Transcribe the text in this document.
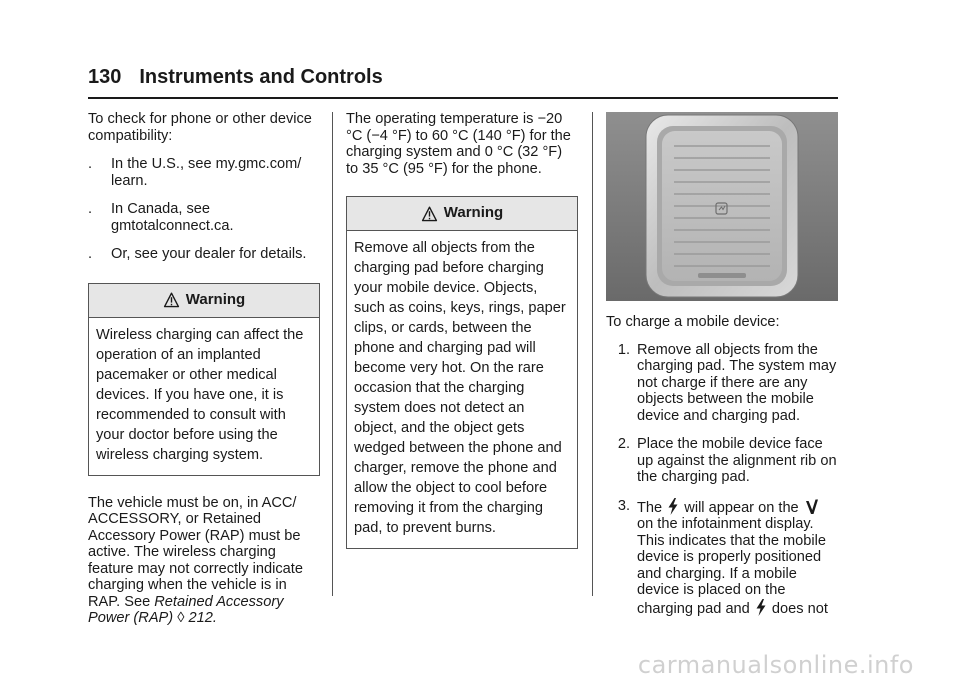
130 Instruments and Controls

To check for phone or other device compatibility:

. In the U.S., see my.gmc.com/ learn.
. In Canada, see gmtotalconnect.ca.
. Or, see your dealer for details.
Warning
Wireless charging can affect the operation of an implanted pacemaker or other medical devices. If you have one, it is recommended to consult with your doctor before using the wireless charging system.

The vehicle must be on, in ACC/ ACCESSORY, or Retained Accessory Power (RAP) must be active. The wireless charging feature may not correctly indicate charging when the vehicle is in RAP. See Retained Accessory Power (RAP) ◊ 212.

The operating temperature is −20 °C (−4 °F) to 60 °C (140 °F) for the charging system and 0 °C (32 °F) to 35 °C (95 °F) for the phone.

Warning
Remove all objects from the charging pad before charging your mobile device. Objects, such as coins, keys, rings, paper clips, or cards, between the phone and charging pad will become very hot. On the rare occasion that the charging system does not detect an object, and the object gets wedged between the phone and charger, remove the phone and allow the object to cool before removing it from the charging pad, to prevent burns.

To charge a mobile device:

1. Remove all objects from the charging pad. The system may not charge if there are any objects between the mobile device and charging pad.
2. Place the mobile device face up against the alignment rib on the charging pad.
3. The will appear on the  on the infotainment display. This indicates that the mobile device is properly positioned and charging. If a mobile device is placed on the charging pad and does not
carmanualsonline.info
